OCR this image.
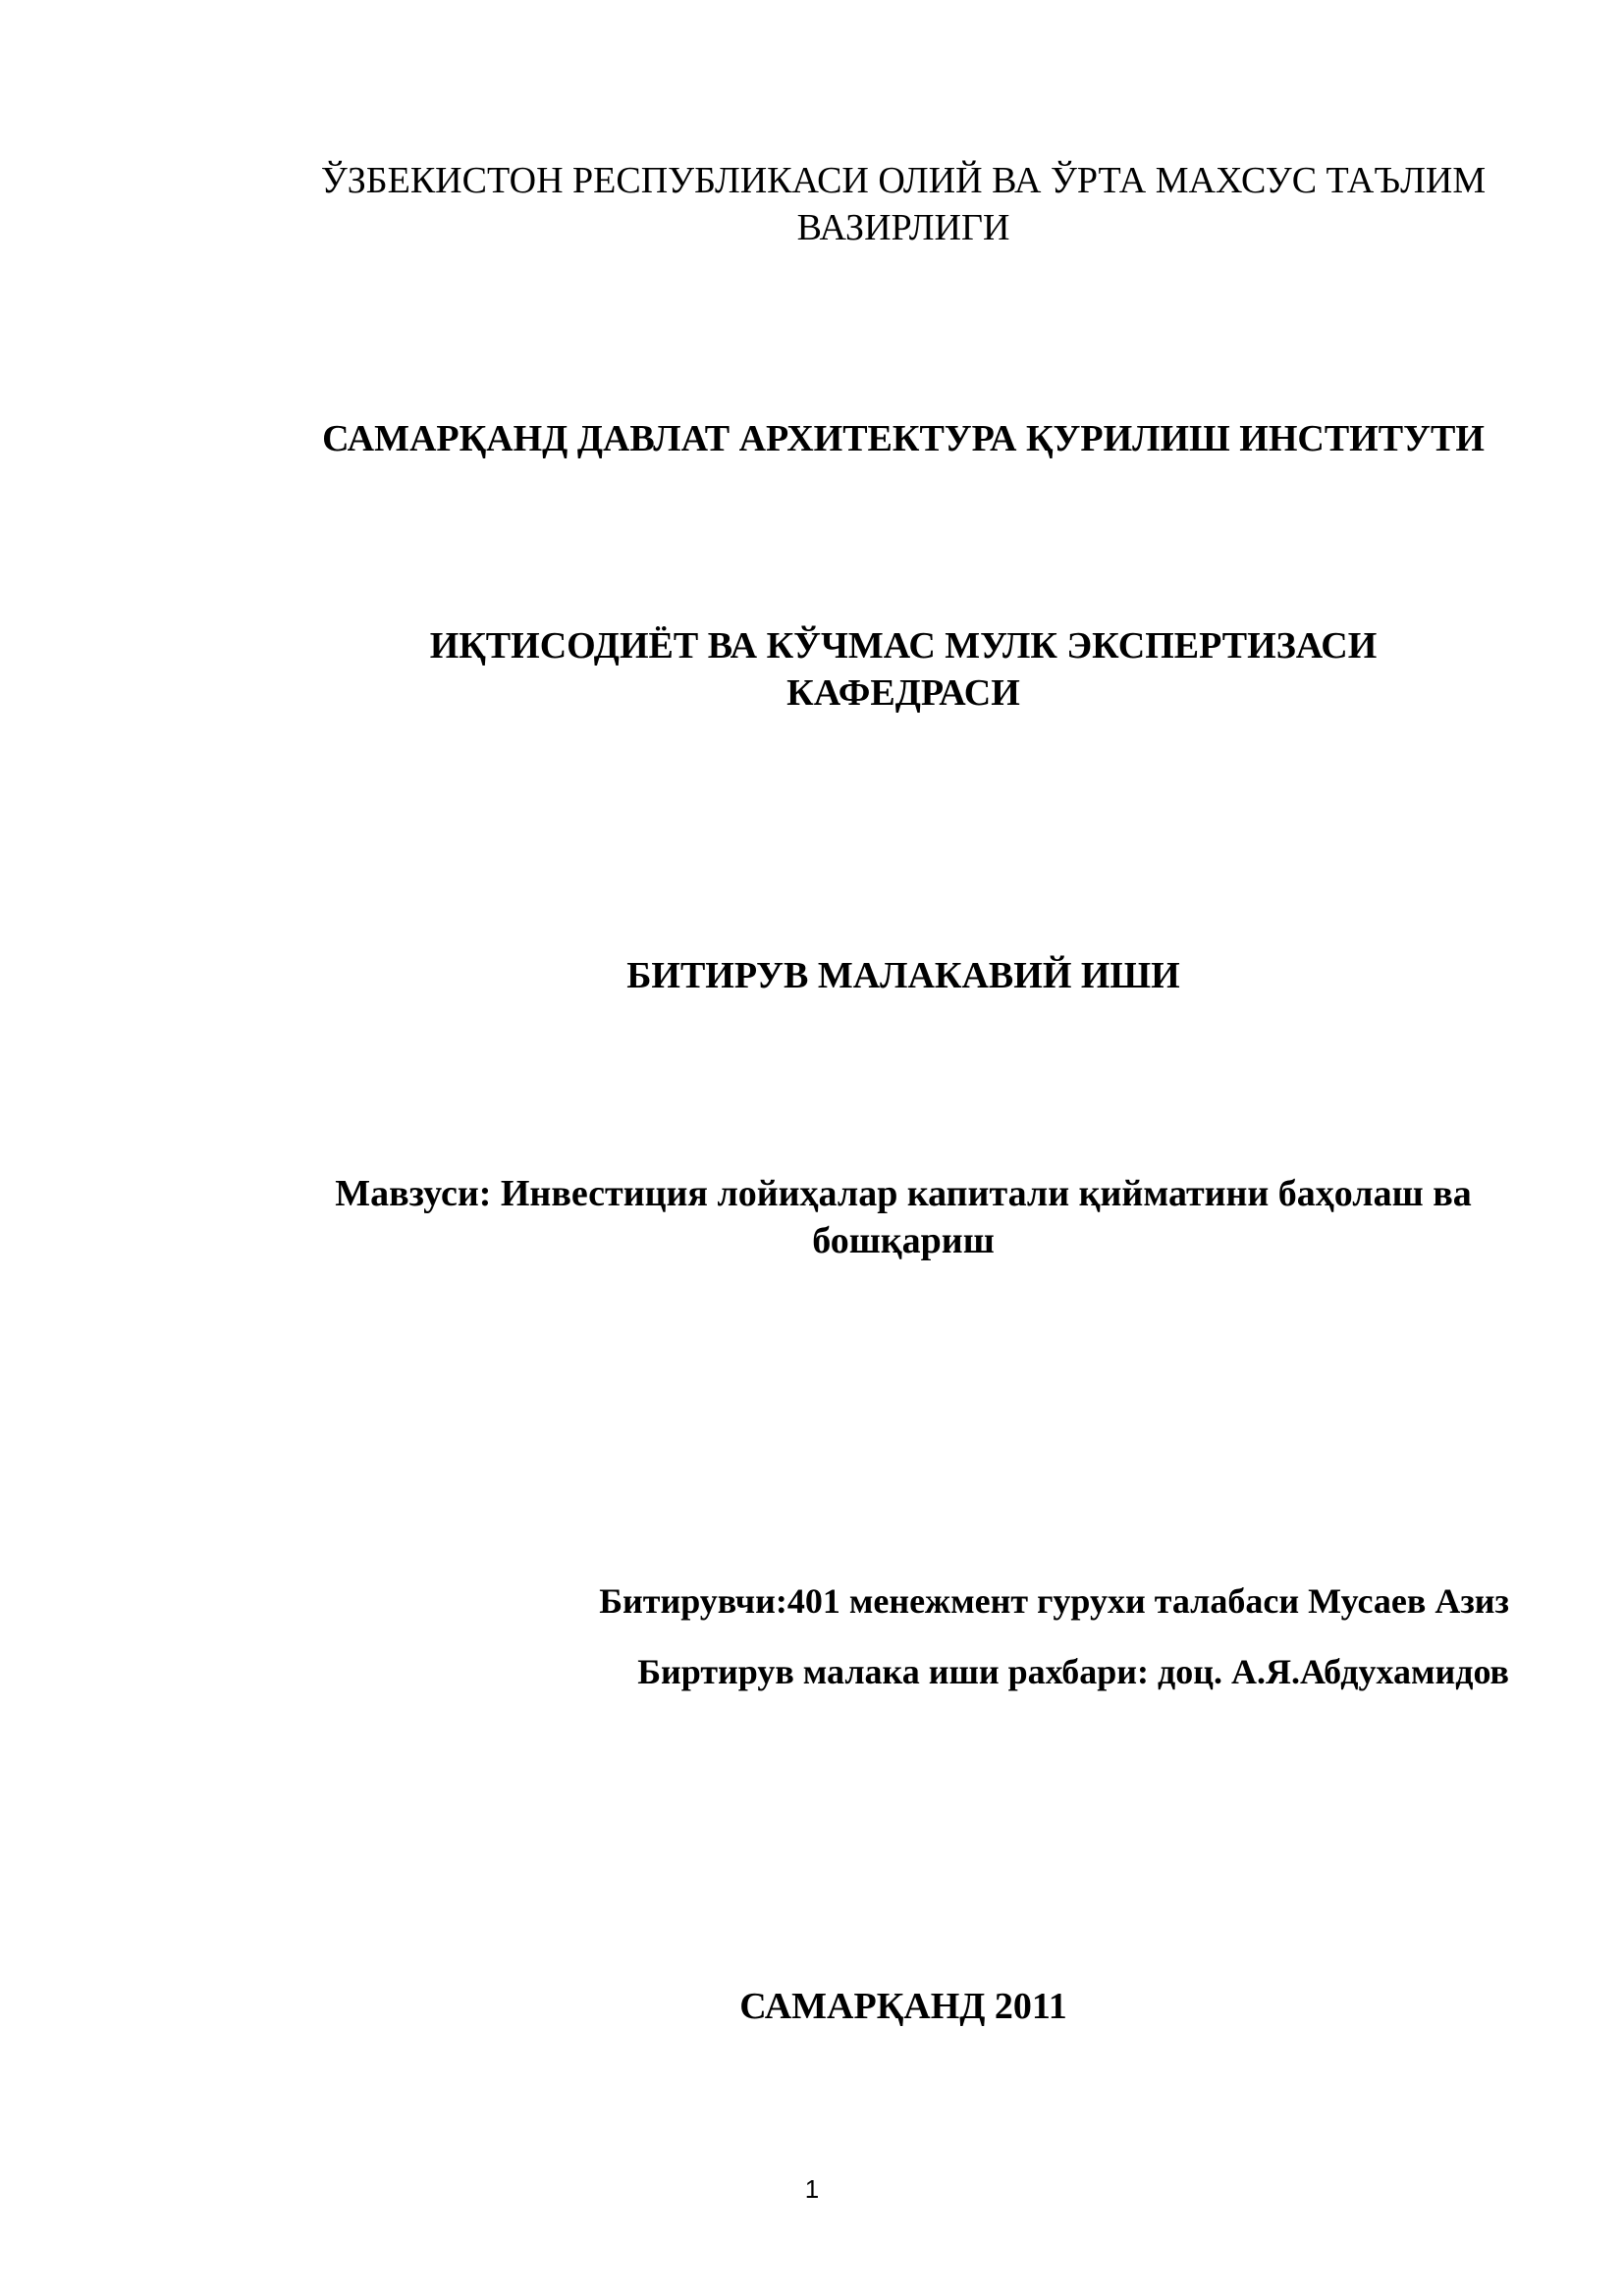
ЎЗБЕКИСТОН РЕСПУБЛИКАСИ ОЛИЙ ВА ЎРТА МАХСУС ТАЪЛИМ
ВАЗИРЛИГИ
САМАРҚАНД ДАВЛАТ АРХИТЕКТУРА ҚУРИЛИШ ИНСТИТУТИ
ИҚТИСОДИЁТ ВА КЎЧМАС МУЛК ЭКСПЕРТИЗАСИ
КАФЕДРАСИ
БИТИРУВ МАЛАКАВИЙ ИШИ
Мавзуси: Инвестиция лойиҳалар капитали қийматини баҳолаш ва
бошқариш
Битирувчи:401 менежмент гурухи талабаси Мусаев Азиз
Биртирув малака иши рахбари: доц. А.Я.Абдухамидов
САМАРҚАНД 2011
1
